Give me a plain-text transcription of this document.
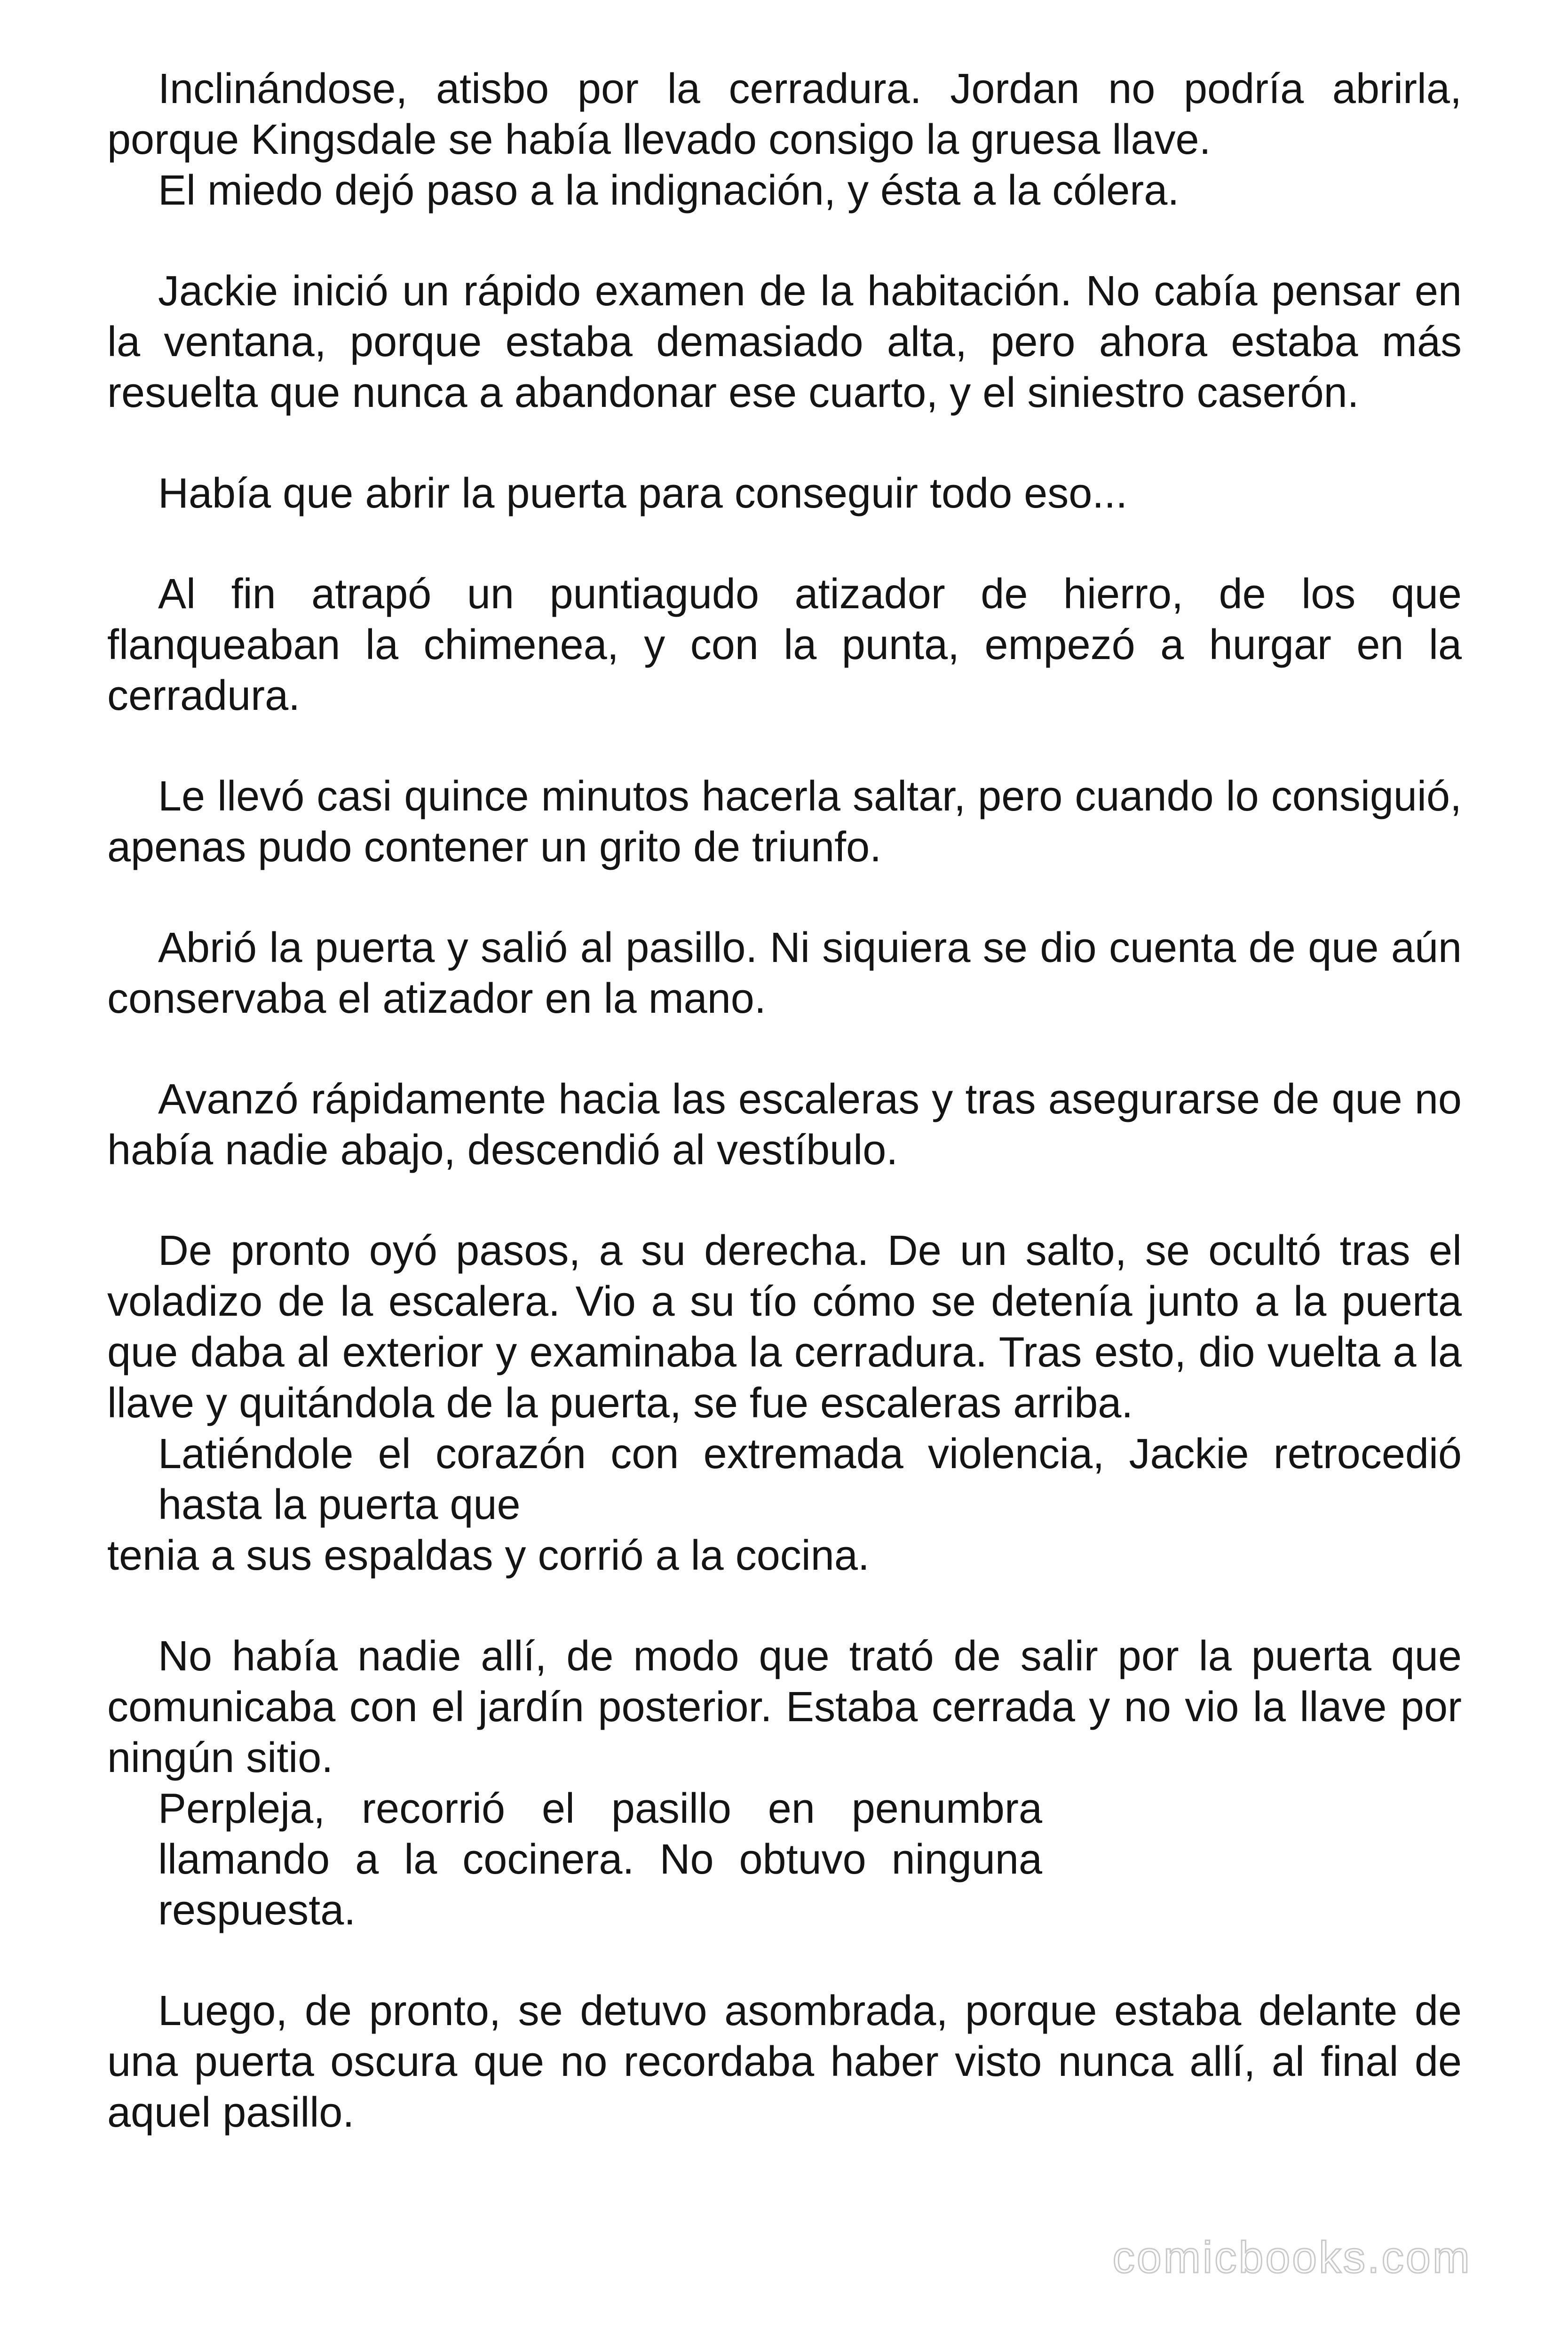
Inclinándose, atisbo por la cerradura. Jordan no podría abrirla, porque Kingsdale se había llevado consigo la gruesa llave.

El miedo dejó paso a la indignación, y ésta a la cólera.

Jackie inició un rápido examen de la habitación. No cabía pensar en la ventana, porque estaba demasiado alta, pero ahora estaba más resuelta que nunca a abandonar ese cuarto, y el siniestro caserón.

Había que abrir la puerta para conseguir todo eso...

Al fin atrapó un puntiagudo atizador de hierro, de los que flanqueaban la chimenea, y con la punta, empezó a hurgar en la cerradura.

Le llevó casi quince minutos hacerla saltar, pero cuando lo consiguió, apenas pudo contener un grito de triunfo.

Abrió la puerta y salió al pasillo. Ni siquiera se dio cuenta de que aún conservaba el atizador en la mano.

Avanzó rápidamente hacia las escaleras y tras asegurarse de que no había nadie abajo, descendió al vestíbulo.

De pronto oyó pasos, a su derecha. De un salto, se ocultó tras el voladizo de la escalera. Vio a su tío cómo se detenía junto a la puerta que daba al exterior y examinaba la cerradura. Tras esto, dio vuelta a la llave y quitándola de la puerta, se fue escaleras arriba.

Latiéndole el corazón con extremada violencia, Jackie retrocedió hasta la puerta que

tenia a sus espaldas y corrió a la cocina.

No había nadie allí, de modo que trató de salir por la puerta que comunicaba con el jardín posterior. Estaba cerrada y no vio la llave por ningún sitio.

Perpleja, recorrió el pasillo en penumbra llamando a la cocinera. No obtuvo ninguna respuesta.

Luego, de pronto, se detuvo asombrada, porque estaba delante de una puerta oscura que no recordaba haber visto nunca allí, al final de aquel pasillo.

comicbooks.com
